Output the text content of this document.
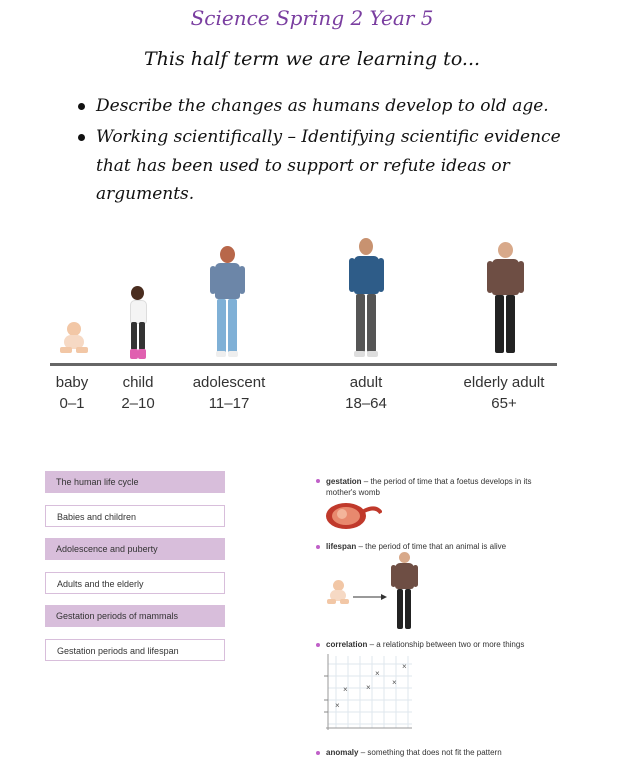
Science Spring 2 Year 5
This half term we are learning to...
Describe the changes as humans develop to old age.
Working scientifically – Identifying scientific evidence
that has been used to support or refute ideas or
arguments.
baby
0–1
child
2–10
adolescent
11–17
adult
18–64
elderly adult
65+
The human life cycle
Babies and children
Adolescence and puberty
Adults and the elderly
Gestation periods of mammals
Gestation periods and lifespan
gestation – the period of time that a foetus develops in its
mother's womb
lifespan – the period of time that an animal is alive
correlation – a relationship between two or more things
×
× ×
×
×
×
anomaly – something that does not fit the pattern
